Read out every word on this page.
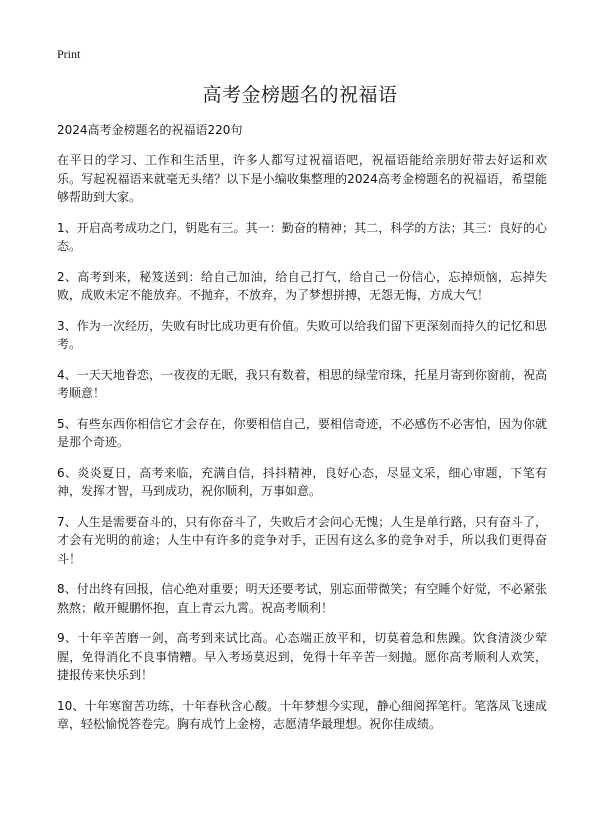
Print
高考金榜题名的祝福语
2024高考金榜题名的祝福语220句

在平日的学习、工作和生活里，许多人都写过祝福语吧，祝福语能给亲朋好带去好运和欢乐。写起祝福语来就毫无头绪？以下是小编收集整理的2024高考金榜题名的祝福语，希望能够帮助到大家。

1、开启高考成功之门，钥匙有三。其一：勤奋的精神；其二，科学的方法；其三：良好的心态。

2、高考到来，秘笈送到：给自己加油，给自己打气，给自己一份信心，忘掉烦恼，忘掉失败，成败未定不能放弃。不抛弃，不放弃，为了梦想拼搏，无怨无悔，方成大气！

3、作为一次经历，失败有时比成功更有价值。失败可以给我们留下更深刻而持久的记忆和思考。

4、一天天地眷恋，一夜夜的无眠，我只有数着，相思的绿莹帘珠，托星月寄到你窗前，祝高考顺意！

5、有些东西你相信它才会存在，你要相信自己，要相信奇迹，不必感伤不必害怕，因为你就是那个奇迹。

6、炎炎夏日，高考来临，充满自信，抖抖精神，良好心态，尽显文采，细心审题，下笔有神，发挥才智，马到成功，祝你顺利，万事如意。

7、人生是需要奋斗的，只有你奋斗了，失败后才会问心无愧；人生是单行路，只有奋斗了，才会有光明的前途；人生中有许多的竞争对手，正因有这么多的竞争对手，所以我们更得奋斗！

8、付出终有回报，信心绝对重要；明天还要考试，别忘面带微笑；有空睡个好觉，不必紧张熬熬；敞开鲲鹏怀抱，直上青云九霄。祝高考顺利！

9、十年辛苦磨一剑，高考到来试比高。心态端正放平和，切莫着急和焦躁。饮食清淡少荤腥，免得消化不良事情糟。早入考场莫迟到，免得十年辛苦一刻抛。愿你高考顺利人欢笑，捷报传来快乐到！

10、十年寒窗苦功练，十年春秋含心酸。十年梦想今实现，静心细阅挥笔杆。笔落凤飞速成章，轻松愉悦答卷完。胸有成竹上金榜，志愿清华最理想。祝你佳成绩。
